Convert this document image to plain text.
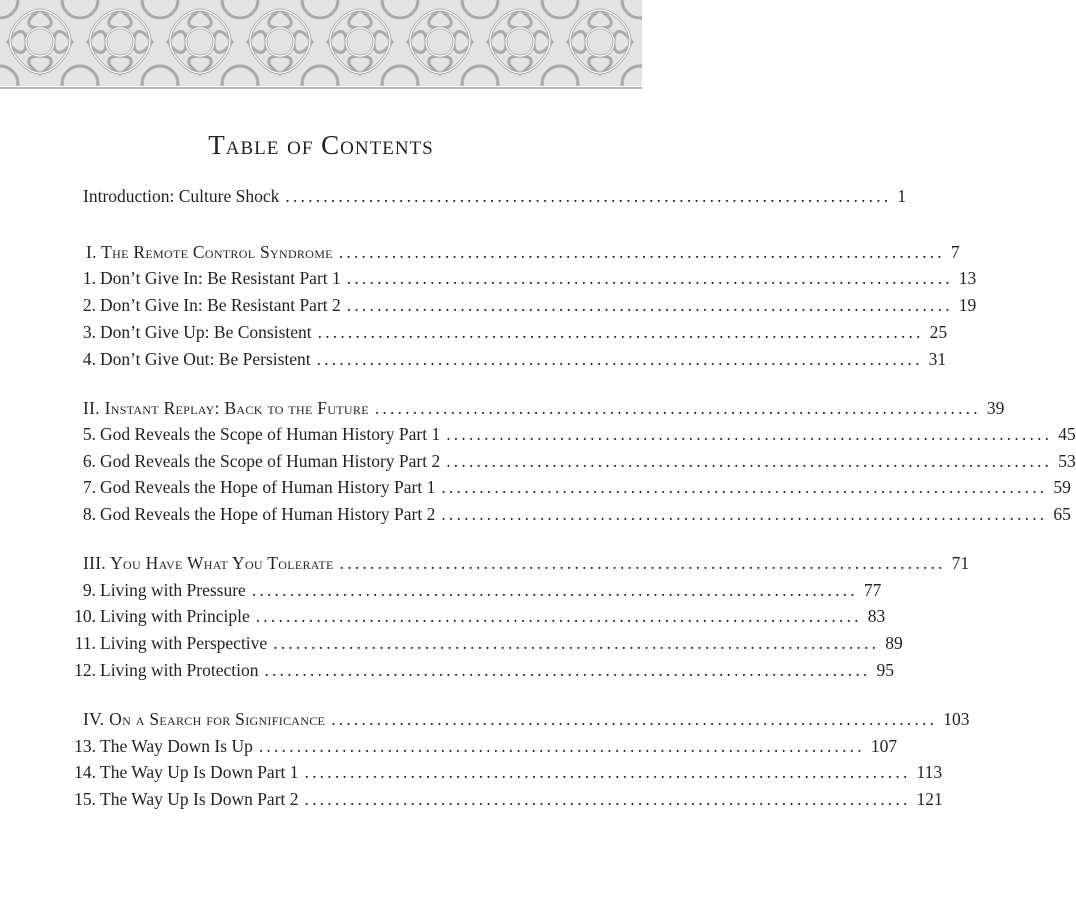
Table of Contents
Introduction: Culture Shock ................................................................................ 1
I. The Remote Control Syndrome ................................................................................ 7
1. Don’t Give In: Be Resistant Part 1 ................................................................................ 13
2. Don’t Give In: Be Resistant Part 2 ................................................................................ 19
3. Don’t Give Up: Be Consistent ................................................................................ 25
4. Don’t Give Out: Be Persistent ................................................................................ 31
II. Instant Replay: Back to the Future ................................................................................ 39
5. God Reveals the Scope of Human History Part 1 ................................................................................ 45
6. God Reveals the Scope of Human History Part 2 ................................................................................ 53
7. God Reveals the Hope of Human History Part 1 ................................................................................ 59
8. God Reveals the Hope of Human History Part 2 ................................................................................ 65
III. You Have What You Tolerate ................................................................................ 71
9. Living with Pressure ................................................................................ 77
10. Living with Principle ................................................................................ 83
11. Living with Perspective ................................................................................ 89
12. Living with Protection ................................................................................ 95
IV. On a Search for Significance ................................................................................ 103
13. The Way Down Is Up ................................................................................ 107
14. The Way Up Is Down Part 1 ................................................................................ 113
15. The Way Up Is Down Part 2 ................................................................................ 121
